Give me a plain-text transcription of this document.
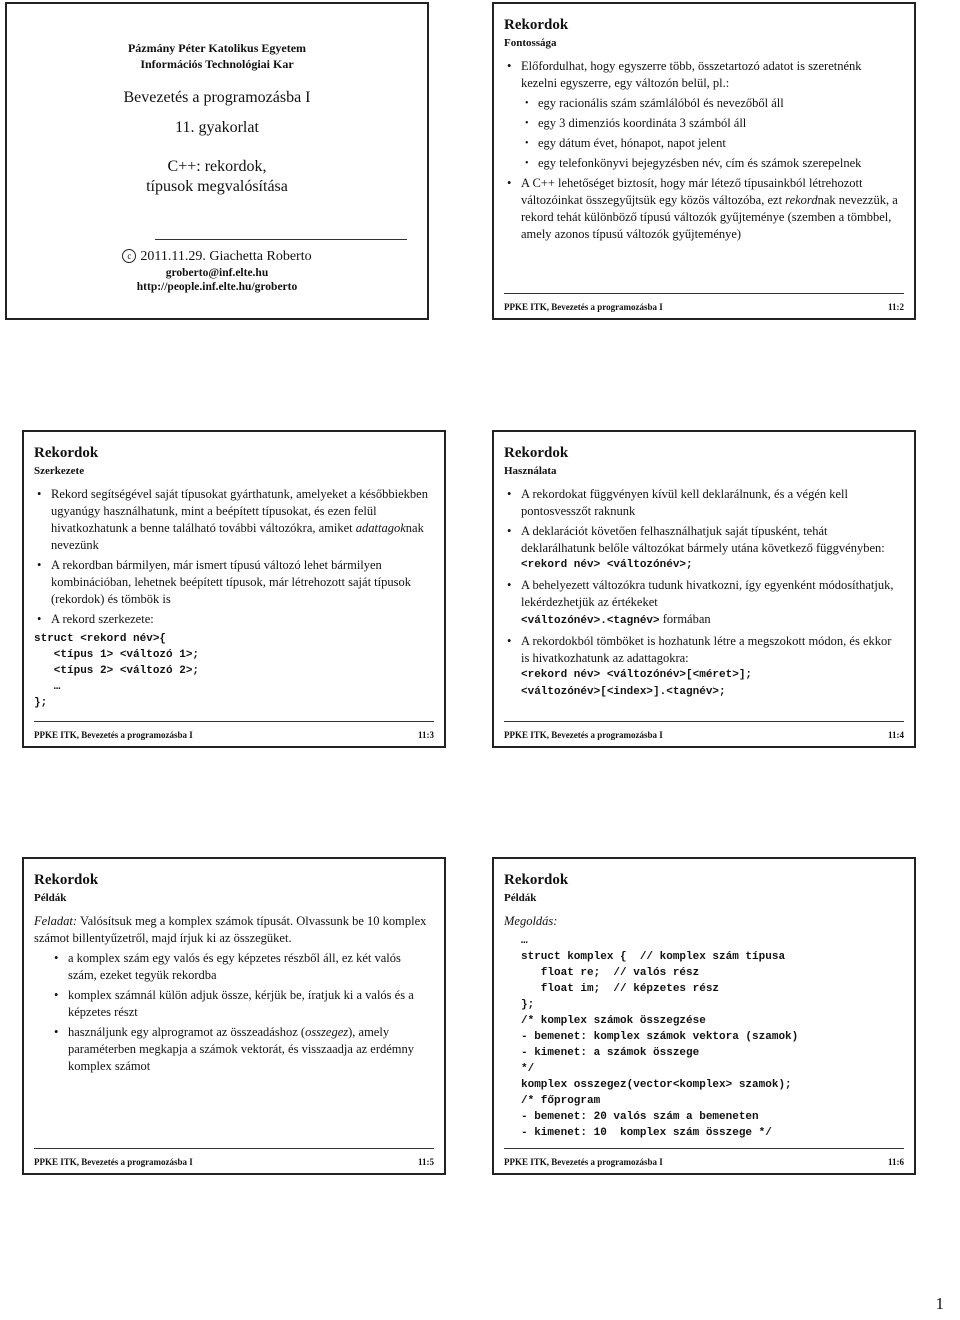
Pázmány Péter Katolikus Egyetem
Információs Technológiai Kar
Bevezetés a programozásba I
11. gyakorlat
C++: rekordok,
típusok megvalósítása
c 2011.11.29. Giachetta Roberto
groberto@inf.elte.hu
http://people.inf.elte.hu/groberto
Rekordok
Fontossága
• Előfordulhat, hogy egyszerre több, összetartozó adatot is szeretnénk kezelni egyszerre, egy változón belül, pl.:
• egy racionális szám számlálóból és nevezőből áll
• egy 3 dimenziós koordináta 3 számból áll
• egy dátum évet, hónapot, napot jelent
• egy telefonkönyvi bejegyzésben név, cím és számok szerepelnek
• A C++ lehetőséget biztosít, hogy már létező típusainkból létrehozott változóinkat összegyűjtsük egy közös változóba, ezt rekordnak nevezzük, a rekord tehát különböző típusú változók gyűjteménye (szemben a tömbbel, amely azonos típusú változók gyűjteménye)
PPKE ITK, Bevezetés a programozásba I	11:2
Rekordok
Szerkezete
• Rekord segítségével saját típusokat gyárthatunk, amelyeket a későbbiekben ugyanúgy használhatunk, mint a beépített típusokat, és ezen felül hivatkozhatunk a benne található további változókra, amiket adattagoknak nevezünk
• A rekordban bármilyen, már ismert típusú változó lehet bármilyen kombinációban, lehetnek beépített típusok, már létrehozott saját típusok (rekordok) és tömbök is
• A rekord szerkezete:
struct <rekord név>{
<típus 1> <változó 1>;
<típus 2> <változó 2>;
…
};
PPKE ITK, Bevezetés a programozásba I	11:3
Rekordok
Használata
• A rekordokat függvényen kívül kell deklarálnunk, és a végén kell pontosvesszőt raknunk
• A deklarációt követően felhasználhatjuk saját típusként, tehát deklarálhatunk belőle változókat bármely utána következő függvényben:
<rekord név> <változónév>;
• A behelyezett változókra tudunk hivatkozni, így egyenként módosíthatjuk, lekérdezhetjük az értékeket
<változónév>.<tagnév> formában
• A rekordokból tömböket is hozhatunk létre a megszokott módon, és ekkor is hivatkozhatunk az adattagokra:
<rekord név> <változónév>[<méret>];
<változónév>[<index>].<tagnév>;
PPKE ITK, Bevezetés a programozásba I	11:4
Rekordok
Példák
Feladat: Valósítsuk meg a komplex számok típusát. Olvassunk be 10 komplex számot billentyűzetről, majd írjuk ki az összegüket.
• a komplex szám egy valós és egy képzetes részből áll, ez két valós szám, ezeket tegyük rekordba
• komplex számnál külön adjuk össze, kérjük be, íratjuk ki a valós és a képzetes részt
• használjunk egy alprogramot az összeadáshoz (osszegez), amely paraméterben megkapja a számok vektorát, és visszaadja az erdémny komplex számot
PPKE ITK, Bevezetés a programozásba I	11:5
Rekordok
Példák
Megoldás:
…
struct komplex {  // komplex szám típusa
float re;  // valós rész
float im;  // képzetes rész
};
/* komplex számok összegzése
- bemenet: komplex számok vektora (szamok)
- kimenet: a számok összege
*/
komplex osszegez(vector<komplex> szamok);
/* főprogram
- bemenet: 20 valós szám a bemeneten
- kimenet: 10  komplex szám összege */
PPKE ITK, Bevezetés a programozásba I	11:6
1
